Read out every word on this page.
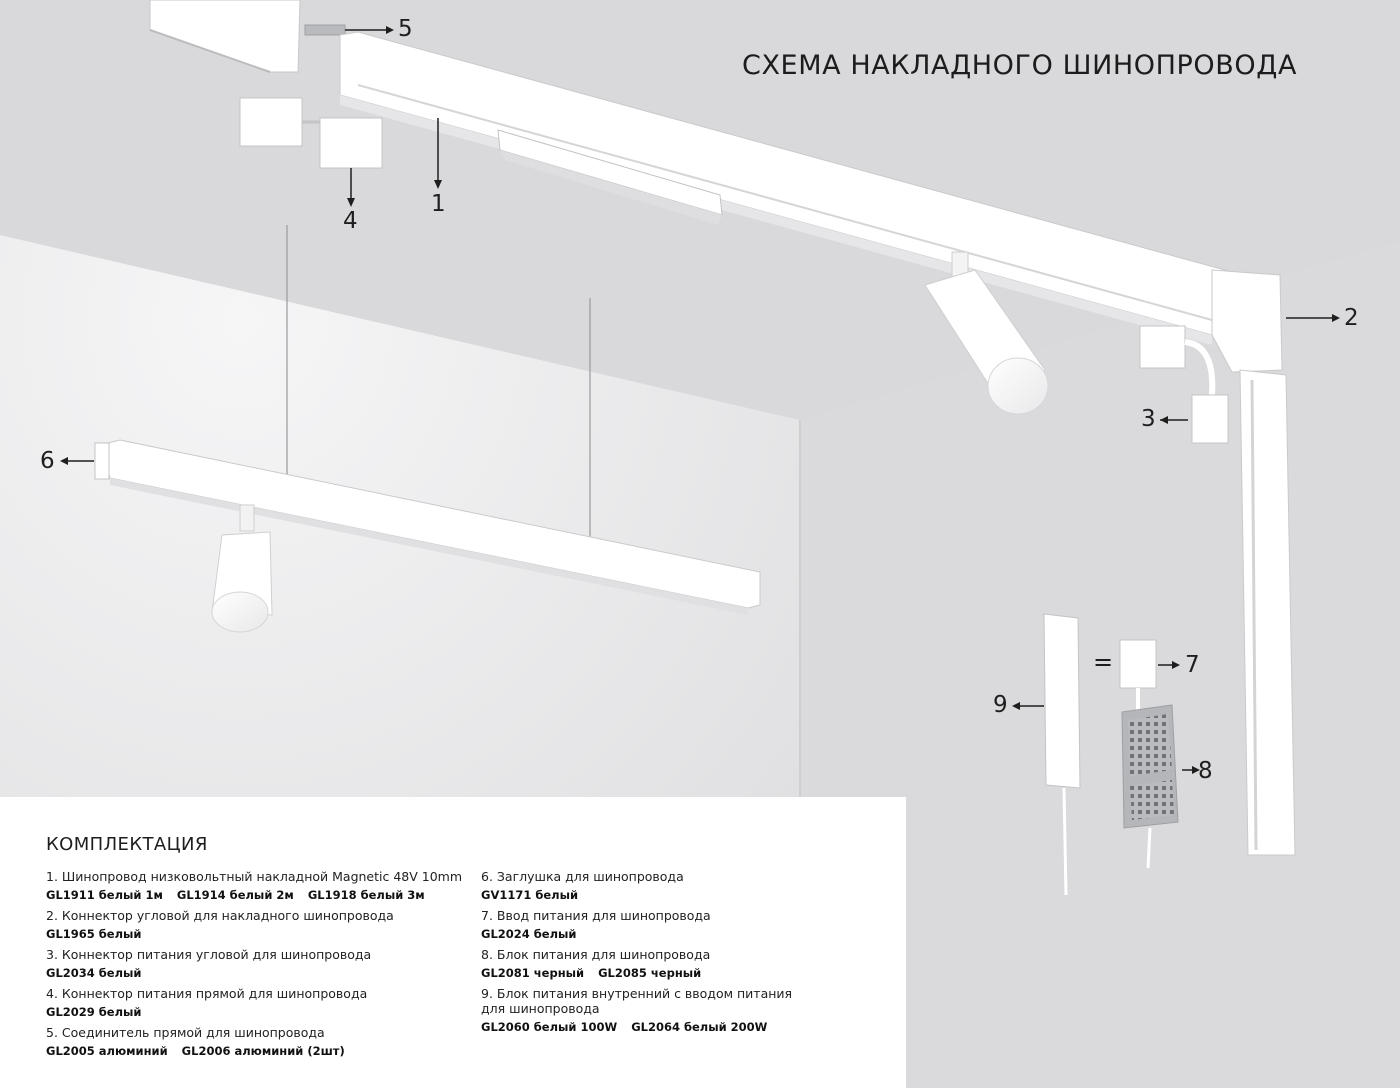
СХЕМА НАКЛАДНОГО ШИНОПРОВОДА
5
1
4
2
3
6
7
8
9
=
КОМПЛЕКТАЦИЯ
1. Шинопровод низковольтный накладной Magnetic 48V 10mm
GL1911 белый 1м GL1914 белый 2м GL1918 белый 3м
2. Коннектор угловой для накладного шинопровода
GL1965 белый
3. Коннектор питания угловой для шинопровода
GL2034 белый
4. Коннектор питания прямой для шинопровода
GL2029 белый
5. Соединитель прямой для шинопровода
GL2005 алюминий GL2006 алюминий (2шт)
6. Заглушка для шинопровода
GV1171 белый
7. Ввод питания для шинопровода
GL2024 белый
8. Блок питания для шинопровода
GL2081 черный GL2085 черный
9. Блок питания внутренний с вводом питания для шинопровода
GL2060 белый 100W GL2064 белый 200W
